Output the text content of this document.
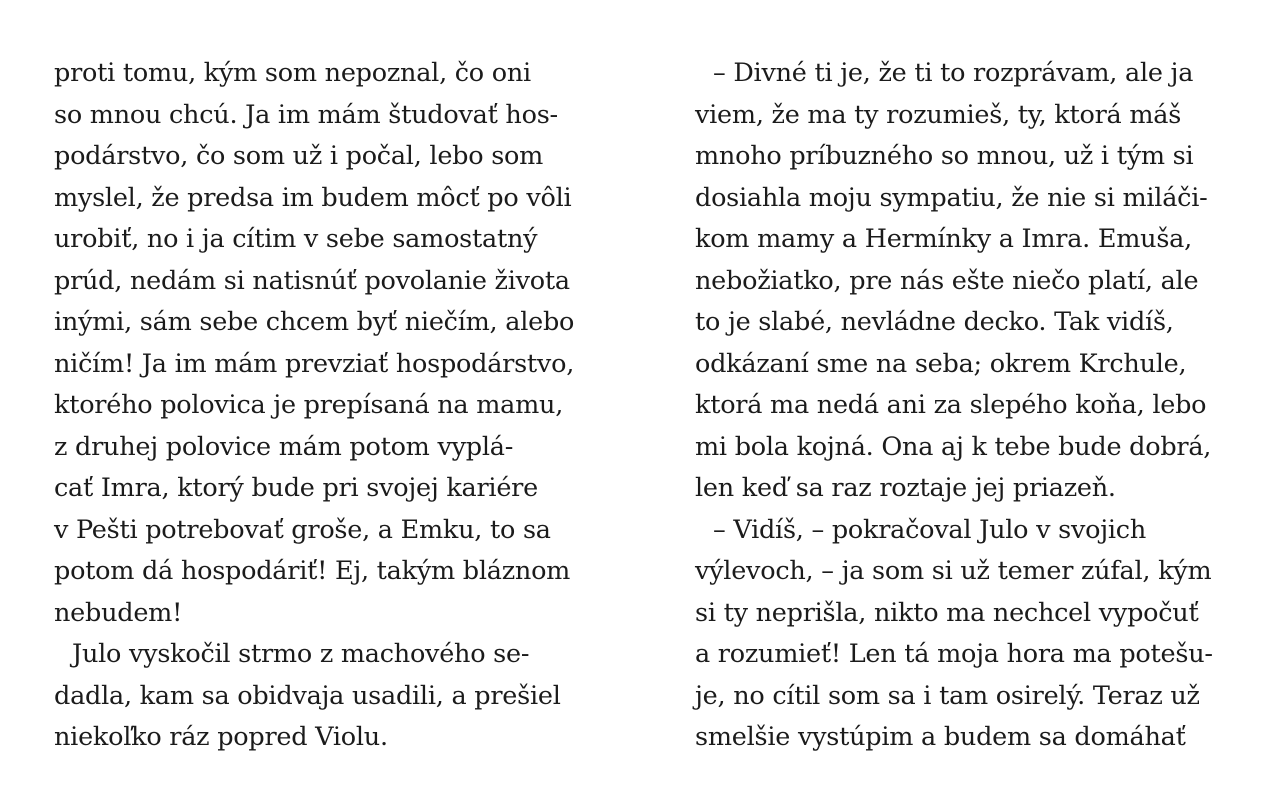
proti tomu, kým som nepoznal, čo oni
so mnou chcú. Ja im mám študovať hos-
podárstvo, čo som už i počal, lebo som
myslel, že predsa im budem môcť po vôli
urobiť, no i ja cítim v sebe samostatný
prúd, nedám si natisnúť povolanie života
inými, sám sebe chcem byť niečím, alebo
ničím! Ja im mám prevziať hospodárstvo,
ktorého polovica je prepísaná na mamu,
z druhej polovice mám potom vyplá-
cať Imra, ktorý bude pri svojej kariére
v Pešti potrebovať groše, a Emku, to sa
potom dá hospodáriť! Ej, takým bláznom
nebudem!
Julo vyskočil strmo z machového se-
dadla, kam sa obidvaja usadili, a prešiel
niekoľko ráz popred Violu.
– Divné ti je, že ti to rozprávam, ale ja
viem, že ma ty rozumieš, ty, ktorá máš
mnoho príbuzného so mnou, už i tým si
dosiahla moju sympatiu, že nie si miláči-
kom mamy a Hermínky a Imra. Emuša,
nebožiatko, pre nás ešte niečo platí, ale
to je slabé, nevládne decko. Tak vidíš,
odkázaní sme na seba; okrem Krchule,
ktorá ma nedá ani za slepého koňa, lebo
mi bola kojná. Ona aj k tebe bude dobrá,
len keď sa raz roztaje jej priazeň.
– Vidíš, – pokračoval Julo v svojich
výlevoch, – ja som si už temer zúfal, kým
si ty neprišla, nikto ma nechcel vypočuť
a rozumieť! Len tá moja hora ma potešu-
je, no cítil som sa i tam osirelý. Teraz už
smelšie vystúpim a budem sa domáhať
